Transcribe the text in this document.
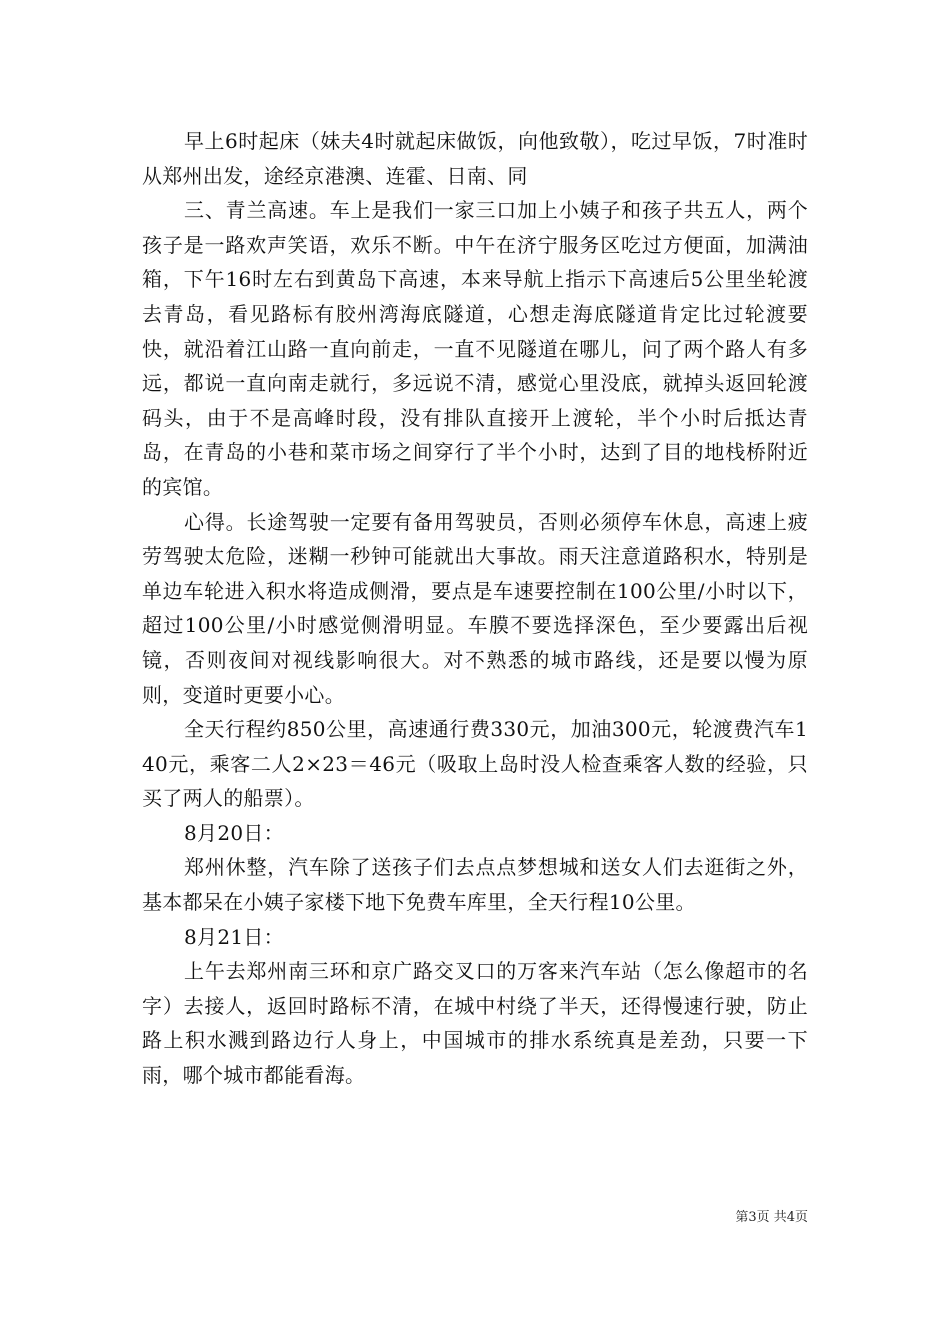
早上6时起床（妹夫4时就起床做饭，向他致敬），吃过早饭，7时准时从郑州出发，途经京港澳、连霍、日南、同

三、青兰高速。车上是我们一家三口加上小姨子和孩子共五人，两个孩子是一路欢声笑语，欢乐不断。中午在济宁服务区吃过方便面，加满油箱，下午16时左右到黄岛下高速，本来导航上指示下高速后5公里坐轮渡去青岛，看见路标有胶州湾海底隧道，心想走海底隧道肯定比过轮渡要快，就沿着江山路一直向前走，一直不见隧道在哪儿，问了两个路人有多远，都说一直向南走就行，多远说不清，感觉心里没底，就掉头返回轮渡码头，由于不是高峰时段，没有排队直接开上渡轮，半个小时后抵达青岛，在青岛的小巷和菜市场之间穿行了半个小时，达到了目的地栈桥附近的宾馆。

心得。长途驾驶一定要有备用驾驶员，否则必须停车休息，高速上疲劳驾驶太危险，迷糊一秒钟可能就出大事故。雨天注意道路积水，特别是单边车轮进入积水将造成侧滑，要点是车速要控制在100公里/小时以下，超过100公里/小时感觉侧滑明显。车膜不要选择深色，至少要露出后视镜，否则夜间对视线影响很大。对不熟悉的城市路线，还是要以慢为原则，变道时更要小心。

全天行程约850公里，高速通行费330元，加油300元，轮渡费汽车140元，乘客二人2×23＝46元（吸取上岛时没人检查乘客人数的经验，只买了两人的船票）。

8月20日：

郑州休整，汽车除了送孩子们去点点梦想城和送女人们去逛街之外，基本都呆在小姨子家楼下地下免费车库里，全天行程10公里。

8月21日：

上午去郑州南三环和京广路交叉口的万客来汽车站（怎么像超市的名字）去接人，返回时路标不清，在城中村绕了半天，还得慢速行驶，防止路上积水溅到路边行人身上，中国城市的排水系统真是差劲，只要一下雨，哪个城市都能看海。

第3页 共4页
